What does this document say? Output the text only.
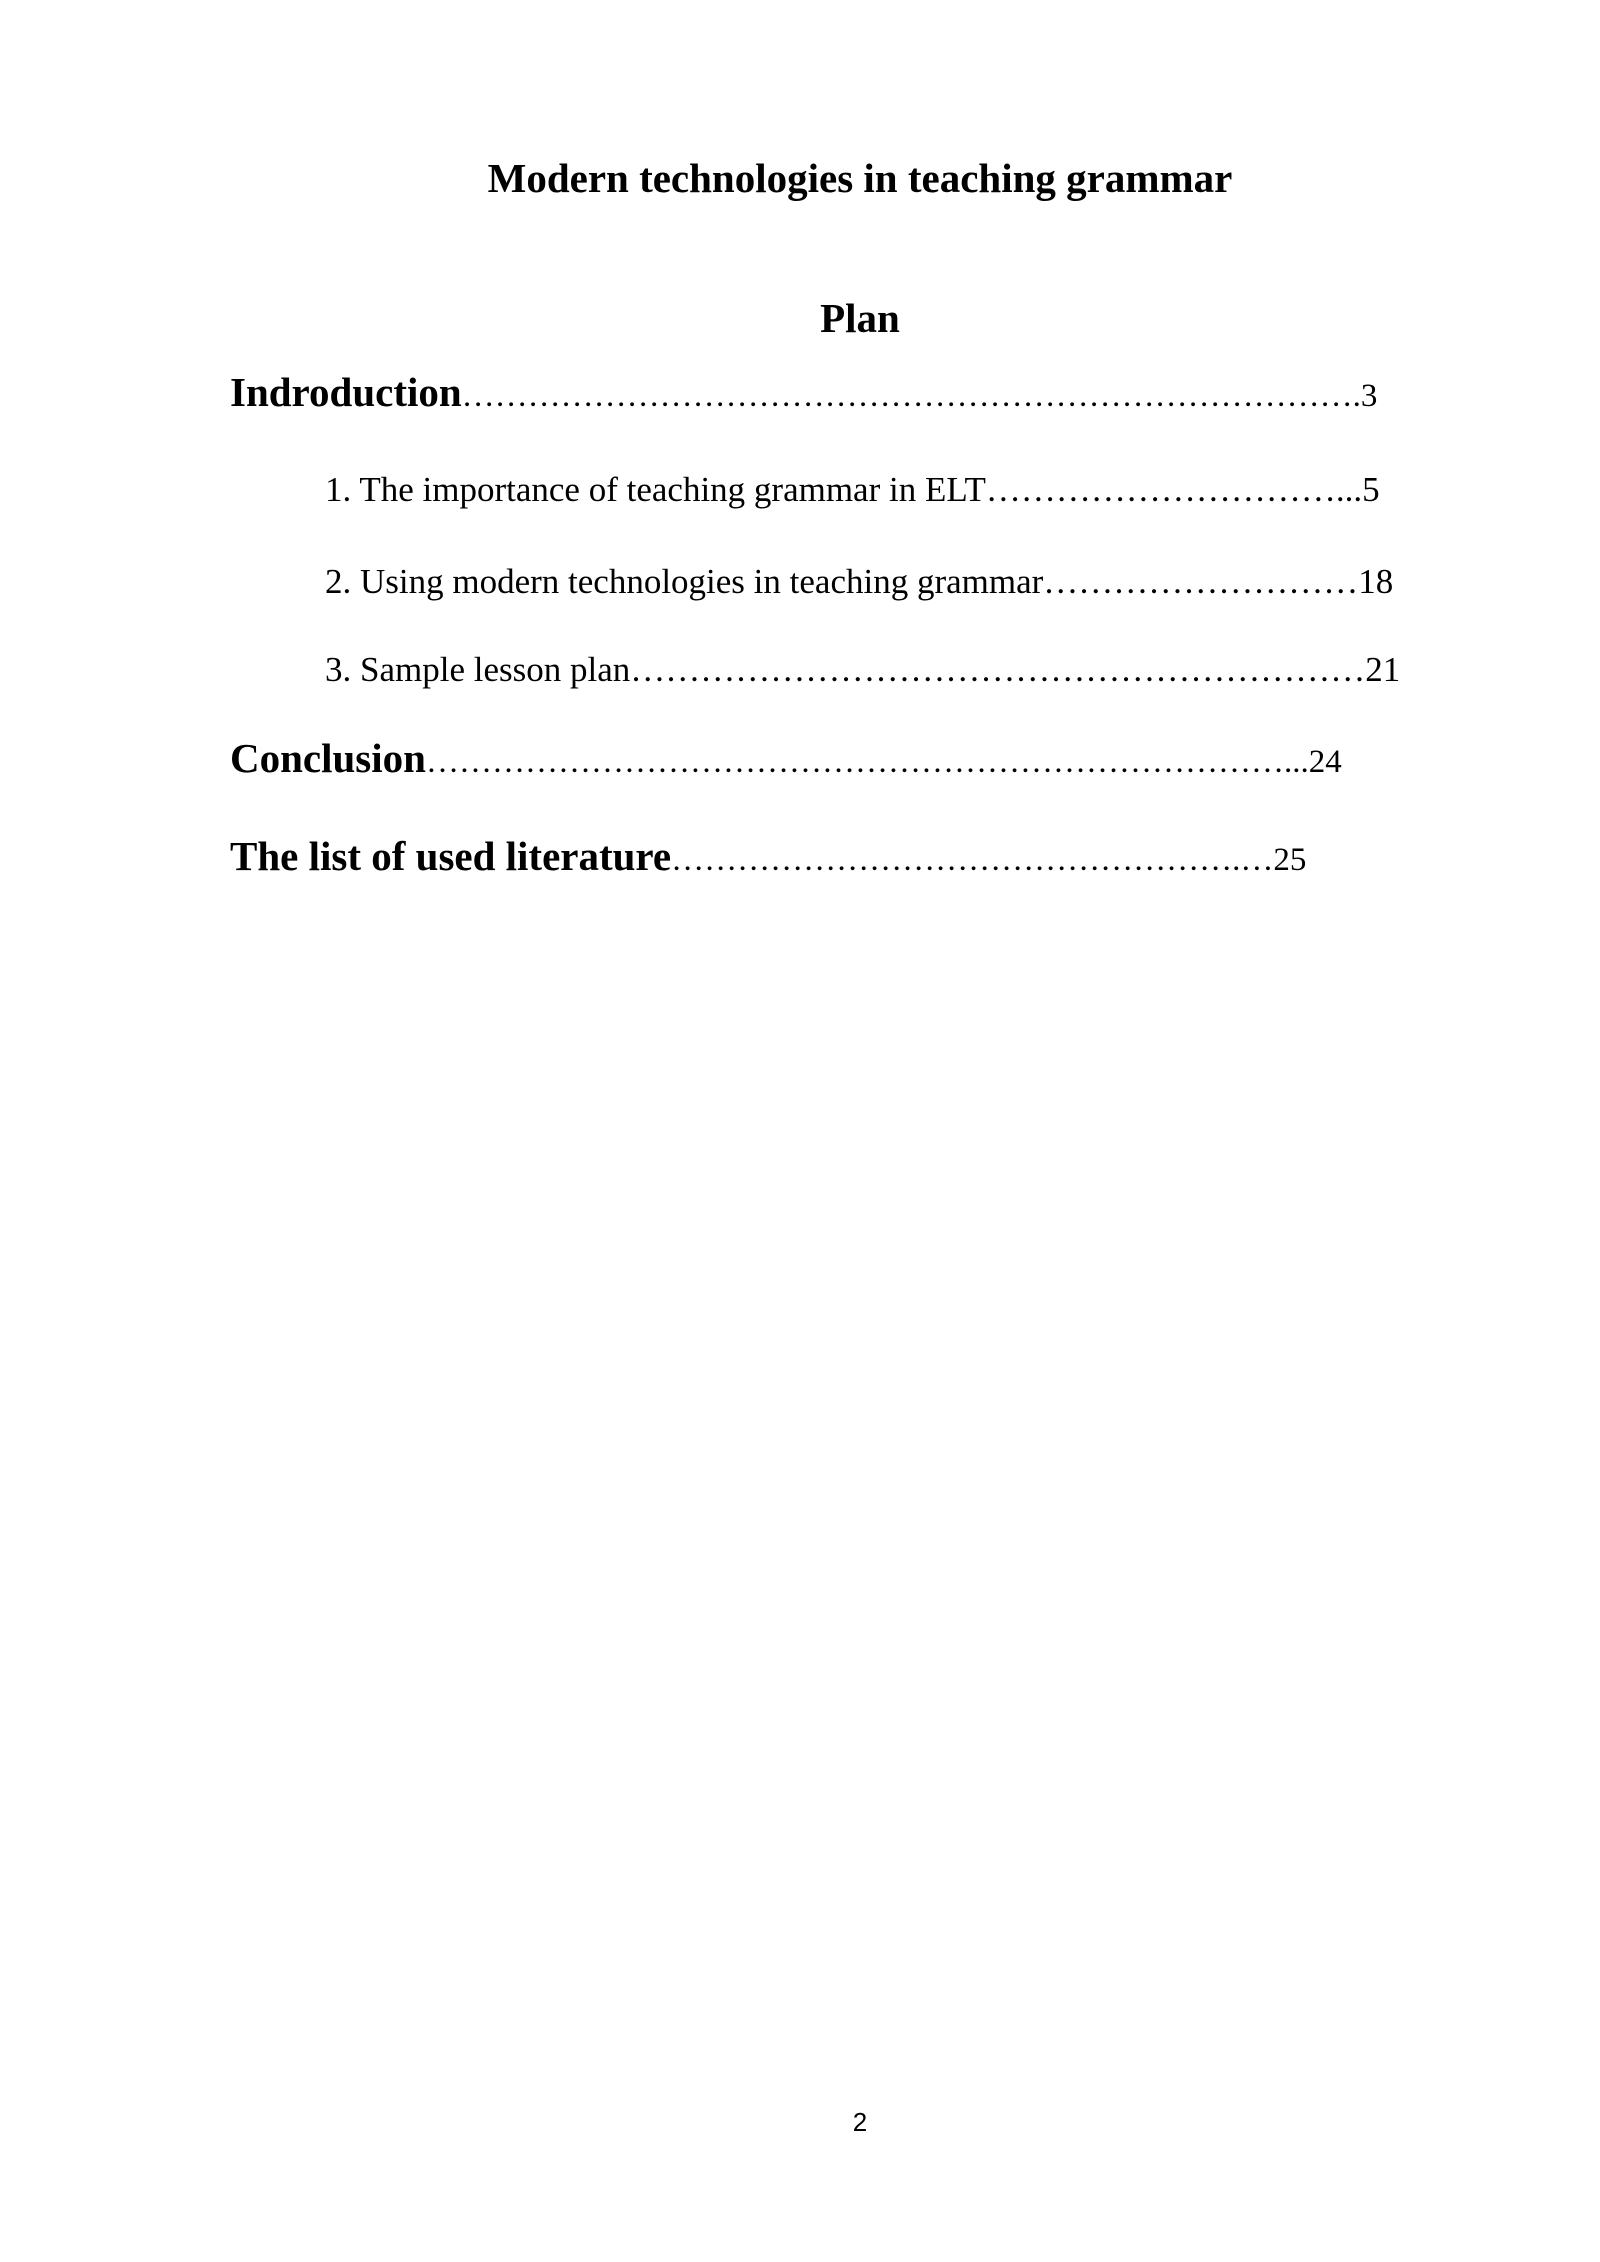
Modern technologies in teaching grammar
Plan
Indroduction……………………………………………………………………….3
1. The importance of teaching grammar in ELT…………………………...5
2. Using modern technologies in teaching grammar………………………18
3. Sample lesson plan………………………………………………………21
Conclusion……………………………………………………………………...24
The list of used literature…………………………………………….…25
2
